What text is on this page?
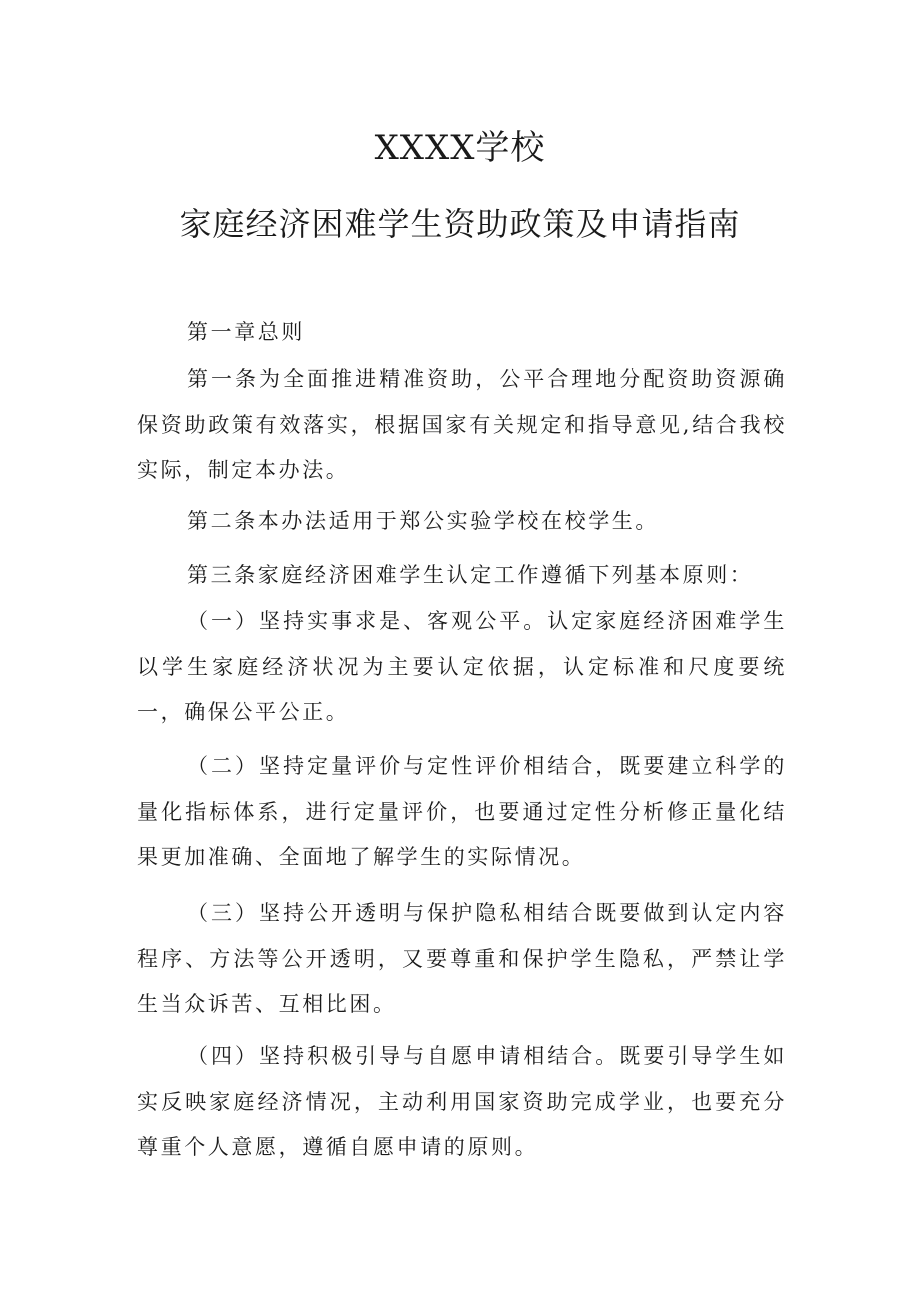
XXXX学校
家庭经济困难学生资助政策及申请指南

第一章总则

第一条为全面推进精准资助，公平合理地分配资助资源确保资助政策有效落实，根据国家有关规定和指导意见,结合我校实际，制定本办法。

第二条本办法适用于郑公实验学校在校学生。

第三条家庭经济困难学生认定工作遵循下列基本原则：

（一）坚持实事求是、客观公平。认定家庭经济困难学生以学生家庭经济状况为主要认定依据，认定标准和尺度要统一，确保公平公正。

（二）坚持定量评价与定性评价相结合，既要建立科学的量化指标体系，进行定量评价，也要通过定性分析修正量化结果更加准确、全面地了解学生的实际情况。

（三）坚持公开透明与保护隐私相结合既要做到认定内容程序、方法等公开透明，又要尊重和保护学生隐私，严禁让学生当众诉苦、互相比困。

（四）坚持积极引导与自愿申请相结合。既要引导学生如实反映家庭经济情况，主动利用国家资助完成学业，也要充分尊重个人意愿，遵循自愿申请的原则。
